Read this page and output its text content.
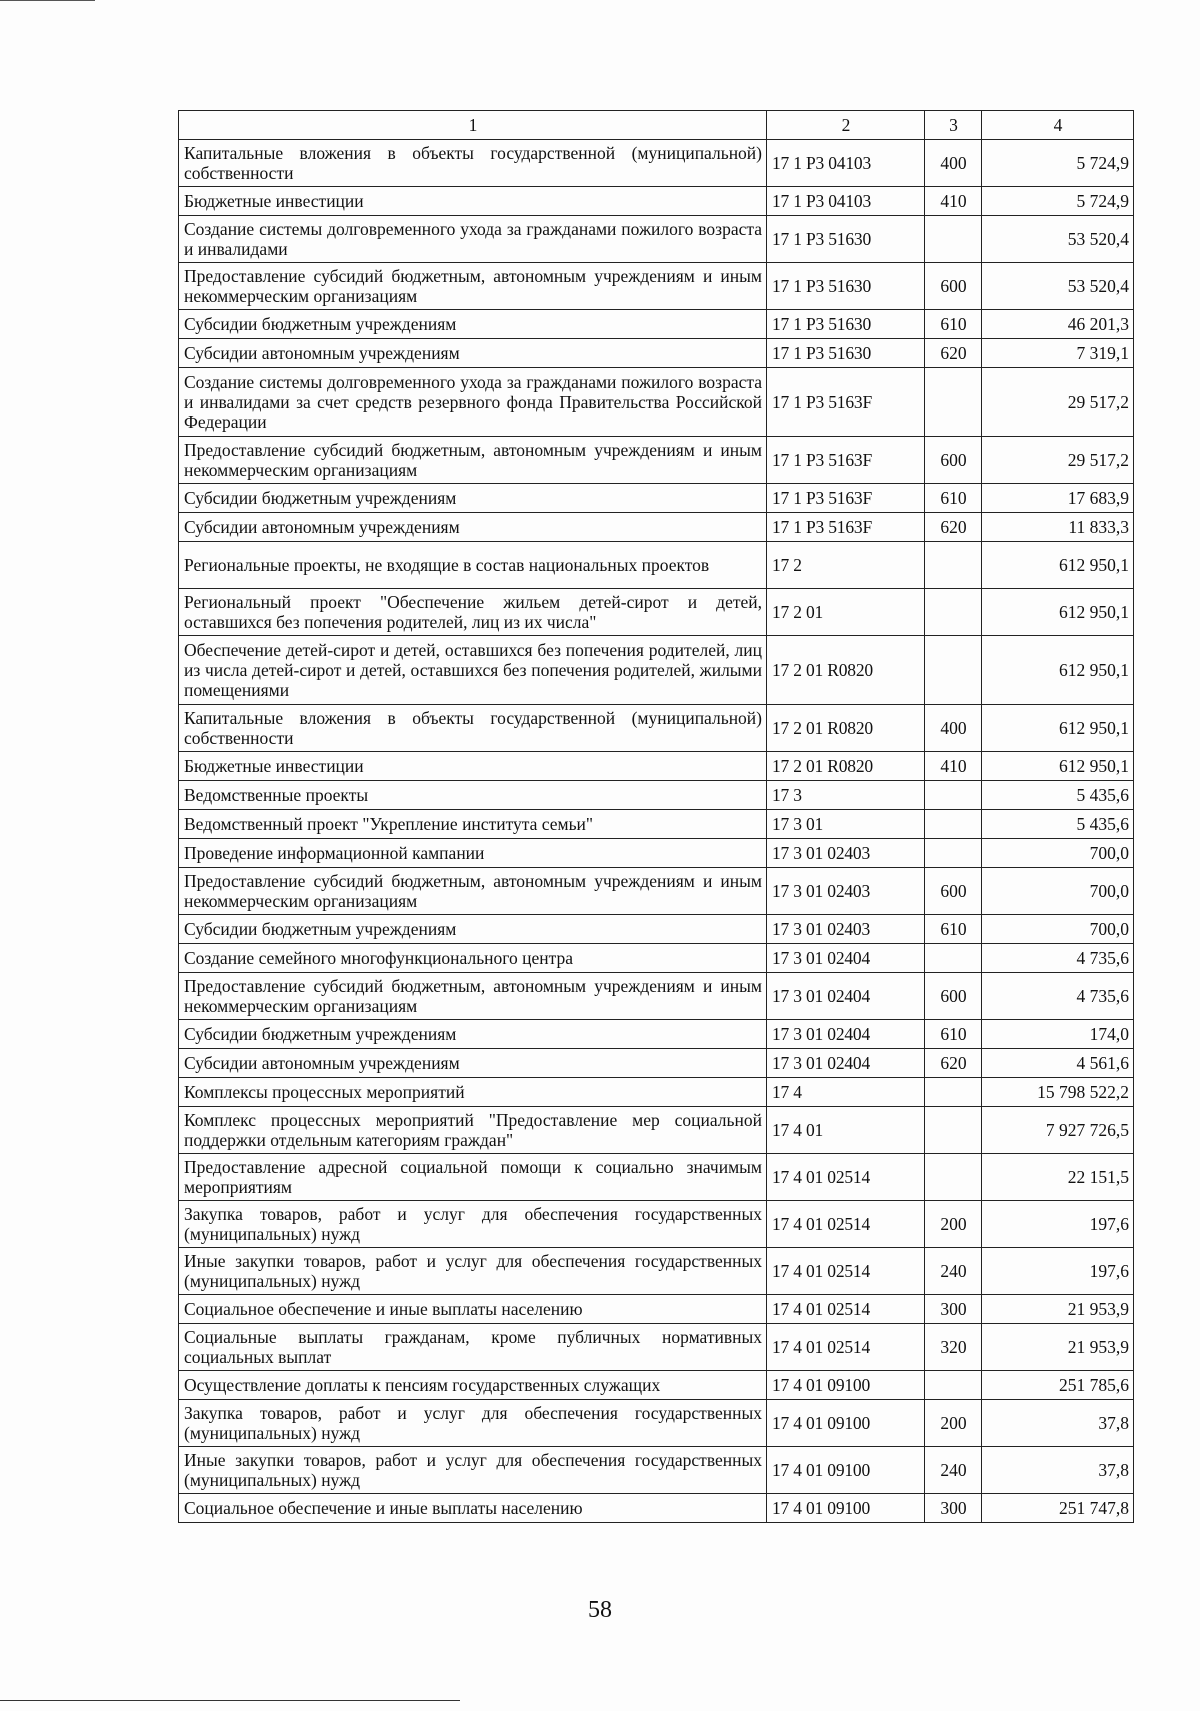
1	2	3	4
Капитальные вложения в объекты государственной (муниципальной) собственности	17 1 Р3 04103	400	5 724,9
Бюджетные инвестиции	17 1 Р3 04103	410	5 724,9
Создание системы долговременного ухода за гражданами пожилого возраста и инвалидами	17 1 Р3 51630		53 520,4
Предоставление субсидий бюджетным, автономным учреждениям и иным некоммерческим организациям	17 1 Р3 51630	600	53 520,4
Субсидии бюджетным учреждениям	17 1 Р3 51630	610	46 201,3
Субсидии автономным учреждениям	17 1 Р3 51630	620	7 319,1
Создание системы долговременного ухода за гражданами пожилого возраста и инвалидами за счет средств резервного фонда Правительства Российской Федерации	17 1 Р3 5163F		29 517,2
Предоставление субсидий бюджетным, автономным учреждениям и иным некоммерческим организациям	17 1 Р3 5163F	600	29 517,2
Субсидии бюджетным учреждениям	17 1 Р3 5163F	610	17 683,9
Субсидии автономным учреждениям	17 1 Р3 5163F	620	11 833,3
Региональные проекты, не входящие в состав национальных проектов	17 2		612 950,1
Региональный проект "Обеспечение жильем детей-сирот и детей, оставшихся без попечения родителей, лиц из их числа"	17 2 01		612 950,1
Обеспечение детей-сирот и детей, оставшихся без попечения родителей, лиц из числа детей-сирот и детей, оставшихся без попечения родителей, жилыми помещениями	17 2 01 R0820		612 950,1
Капитальные вложения в объекты государственной (муниципальной) собственности	17 2 01 R0820	400	612 950,1
Бюджетные инвестиции	17 2 01 R0820	410	612 950,1
Ведомственные проекты	17 3		5 435,6
Ведомственный проект "Укрепление института семьи"	17 3 01		5 435,6
Проведение информационной кампании	17 3 01 02403		700,0
Предоставление субсидий бюджетным, автономным учреждениям и иным некоммерческим организациям	17 3 01 02403	600	700,0
Субсидии бюджетным учреждениям	17 3 01 02403	610	700,0
Создание семейного многофункционального центра	17 3 01 02404		4 735,6
Предоставление субсидий бюджетным, автономным учреждениям и иным некоммерческим организациям	17 3 01 02404	600	4 735,6
Субсидии бюджетным учреждениям	17 3 01 02404	610	174,0
Субсидии автономным учреждениям	17 3 01 02404	620	4 561,6
Комплексы процессных мероприятий	17 4		15 798 522,2
Комплекс процессных мероприятий "Предоставление мер социальной поддержки отдельным категориям граждан"	17 4 01		7 927 726,5
Предоставление адресной социальной помощи к социально значимым мероприятиям	17 4 01 02514		22 151,5
Закупка товаров, работ и услуг для обеспечения государственных (муниципальных) нужд	17 4 01 02514	200	197,6
Иные закупки товаров, работ и услуг для обеспечения государственных (муниципальных) нужд	17 4 01 02514	240	197,6
Социальное обеспечение и иные выплаты населению	17 4 01 02514	300	21 953,9
Социальные выплаты гражданам, кроме публичных нормативных социальных выплат	17 4 01 02514	320	21 953,9
Осуществление доплаты к пенсиям государственных служащих	17 4 01 09100		251 785,6
Закупка товаров, работ и услуг для обеспечения государственных (муниципальных) нужд	17 4 01 09100	200	37,8
Иные закупки товаров, работ и услуг для обеспечения государственных (муниципальных) нужд	17 4 01 09100	240	37,8
Социальное обеспечение и иные выплаты населению	17 4 01 09100	300	251 747,8
58
